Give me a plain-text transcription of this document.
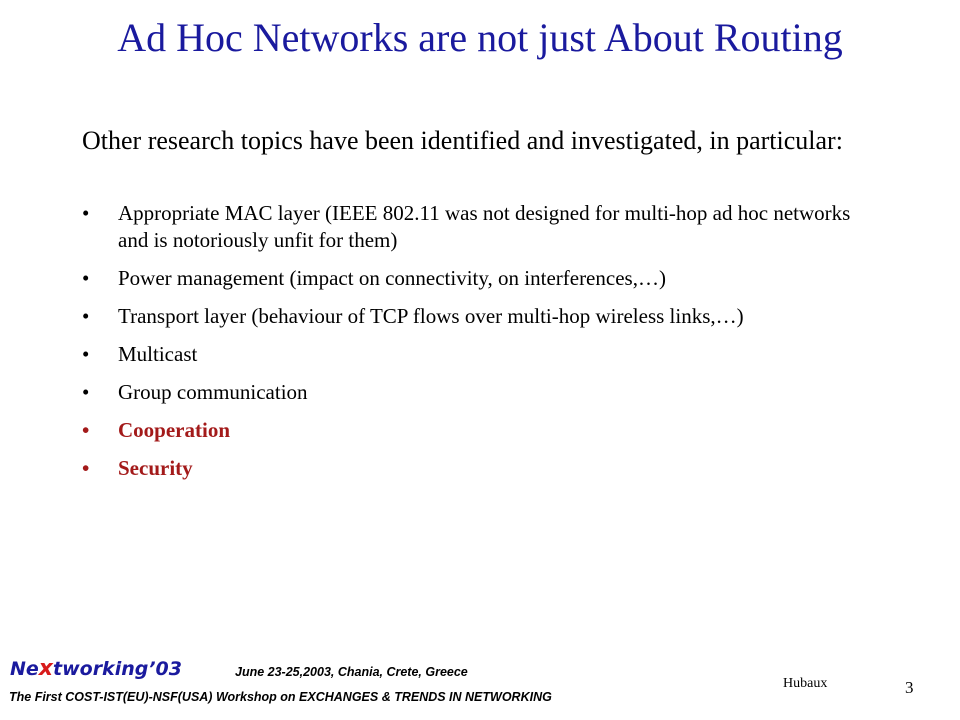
Ad Hoc Networks are not just About Routing
Other research topics have been identified and investigated, in particular:
• Appropriate MAC layer (IEEE 802.11 was not designed for multi-hop ad hoc networks and is notoriously unfit for them)
• Power management (impact on connectivity, on interferences,…)
• Transport layer (behaviour of TCP flows over multi-hop wireless links,…)
• Multicast
• Group communication
• Cooperation
• Security
Nextworking’03	June 23-25,2003, Chania, Crete, Greece
The First COST-IST(EU)-NSF(USA) Workshop on EXCHANGES & TRENDS IN NETWORKING
Hubaux	3
